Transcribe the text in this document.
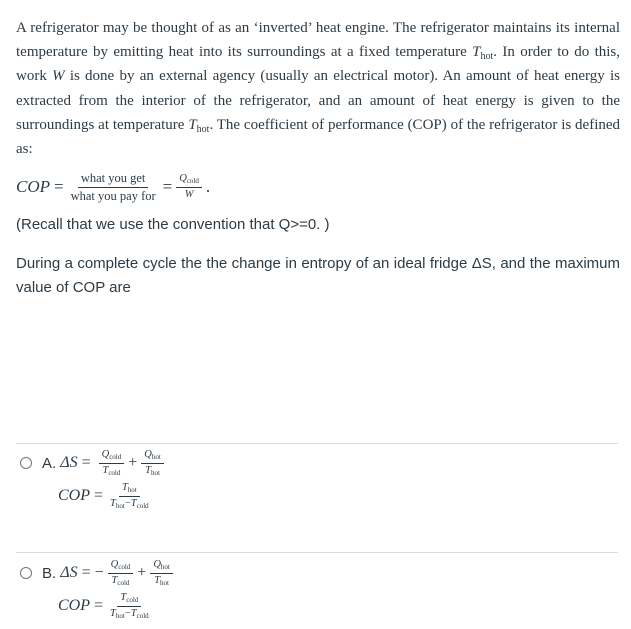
A refrigerator may be thought of as an ‘inverted’ heat engine. The refrigerator maintains its internal temperature by emitting heat into its surroundings at a fixed temperature $T_{hot}$. In order to do this, work W is done by an external agency (usually an electrical motor). An amount of heat energy is extracted from the interior of the refrigerator, and an amount of heat energy is given to the surroundings at temperature $T_{hot}$. The coefficient of performance (COP) of the refrigerator is defined as:
COP = $\frac{\text{what you get}}{\text{what you pay for}} = \frac{Q_{cold}}{W}$ .
(Recall that we use the convention that Q>=0. )
During a complete cycle the the change in entropy of an ideal fridge ΔS, and the maximum value of COP are
A. $\Delta S = \frac{Q_{cold}}{T_{cold}} + \frac{Q_{hot}}{T_{hot}}$
COP = $\frac{T_{hot}}{T_{hot}-T_{cold}}$
B. ΔS = − $\frac{Q_{cold}}{T_{cold}} + \frac{Q_{hot}}{T_{hot}}$
COP = $\frac{T_{cold}}{T_{hot}-T_{cold}}$
